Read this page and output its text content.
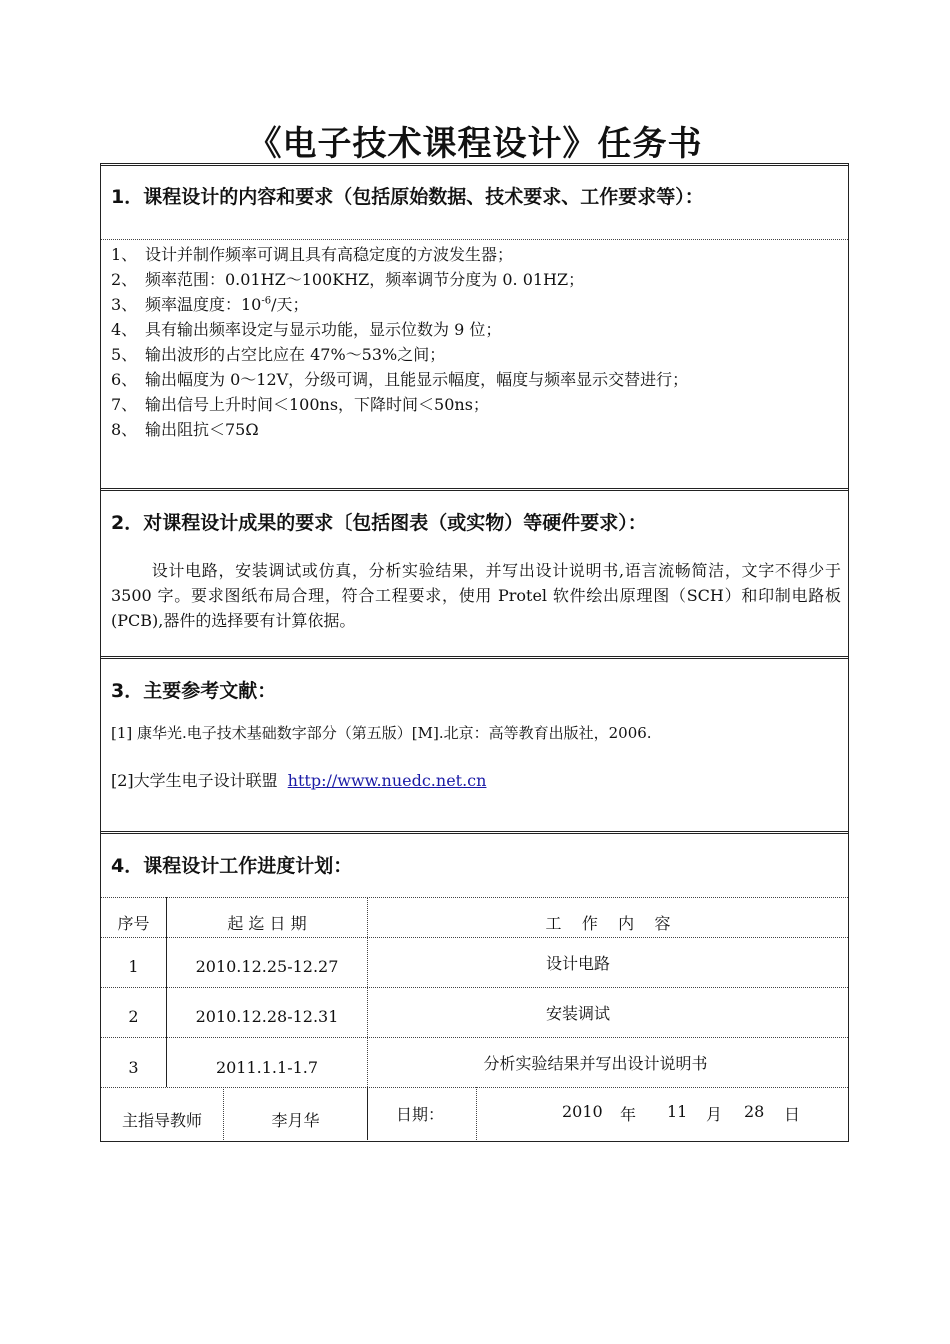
《电子技术课程设计》任务书
1．课程设计的内容和要求（包括原始数据、技术要求、工作要求等）：
1、 设计并制作频率可调且具有高稳定度的方波发生器；
2、 频率范围：0.01HZ～100KHZ，频率调节分度为 0. 01HZ；
3、 频率温度度：$10^{-6}/$天；
4、 具有输出频率设定与显示功能，显示位数为 9 位；
5、 输出波形的占空比应在 47%～53%之间；
6、 输出幅度为 0～12V，分级可调，且能显示幅度，幅度与频率显示交替进行；
7、 输出信号上升时间＜100ns，下降时间＜50ns；
8、 输出阻抗＜75Ω
2．对课程设计成果的要求〔包括图表（或实物）等硬件要求）：
设计电路，安装调试或仿真，分析实验结果，并写出设计说明书,语言流畅简洁，文字不得少于 3500 字。要求图纸布局合理，符合工程要求，使用 Protel 软件绘出原理图（SCH）和印制电路板(PCB),器件的选择要有计算依据。
3．主要参考文献：
[1] 康华光.电子技术基础数字部分（第五版）[M].北京：高等教育出版社，2006.
[2]大学生电子设计联盟 http://www.nuedc.net.cn
4．课程设计工作进度计划：
序号	起 迄 日 期	工    作    内    容
1	2010.12.25-12.27	设计电路
2	2010.12.28-12.31	安装调试
3	2011.1.1-1.7	分析实验结果并写出设计说明书
主指导教师	李月华	日期：	2010 年 11 月 28 日
